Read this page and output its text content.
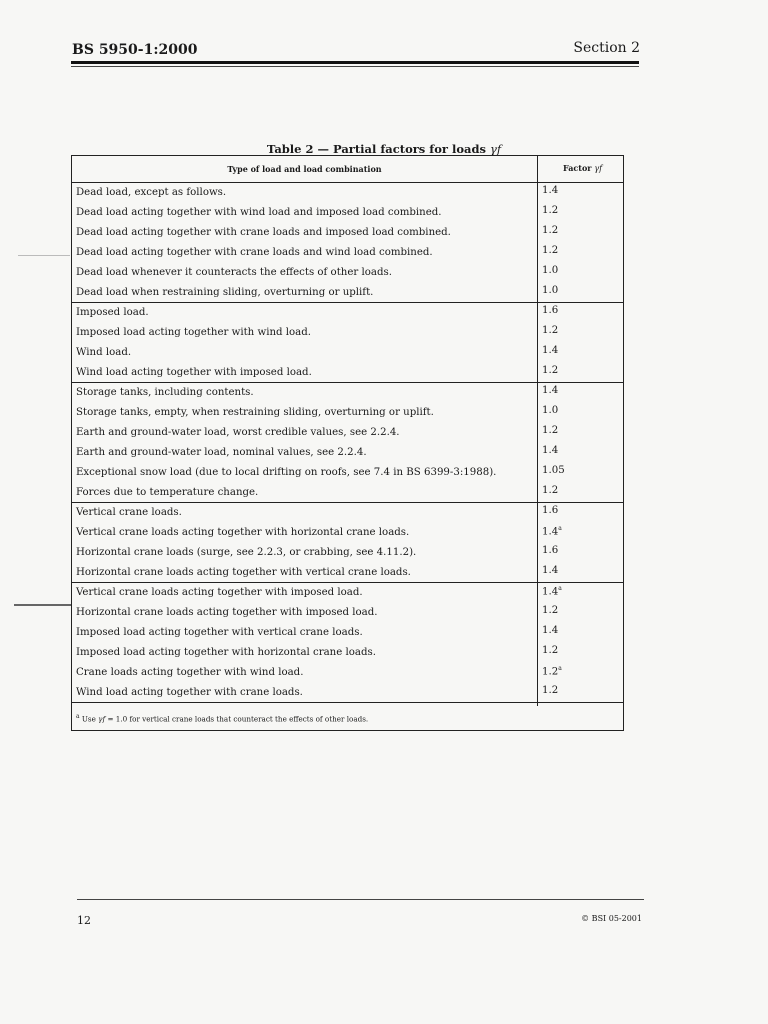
BS 5950-1:2000	Section 2
Table 2 — Partial factors for loads γf
Type of load and load combination	Factor γf
Dead load, except as follows.	1.4
Dead load acting together with wind load and imposed load combined.	1.2
Dead load acting together with crane loads and imposed load combined.	1.2
Dead load acting together with crane loads and wind load combined.	1.2
Dead load whenever it counteracts the effects of other loads.	1.0
Dead load when restraining sliding, overturning or uplift.	1.0
Imposed load.	1.6
Imposed load acting together with wind load.	1.2
Wind load.	1.4
Wind load acting together with imposed load.	1.2
Storage tanks, including contents.	1.4
Storage tanks, empty, when restraining sliding, overturning or uplift.	1.0
Earth and ground-water load, worst credible values, see 2.2.4.	1.2
Earth and ground-water load, nominal values, see 2.2.4.	1.4
Exceptional snow load (due to local drifting on roofs, see 7.4 in BS 6399-3:1988).	1.05
Forces due to temperature change.	1.2
Vertical crane loads.	1.6
Vertical crane loads acting together with horizontal crane loads.	1.4$^a$
Horizontal crane loads (surge, see 2.2.3, or crabbing, see 4.11.2).	1.6
Horizontal crane loads acting together with vertical crane loads.	1.4
Vertical crane loads acting together with imposed load.	1.4$^a$
Horizontal crane loads acting together with imposed load.	1.2
Imposed load acting together with vertical crane loads.	1.4
Imposed load acting together with horizontal crane loads.	1.2
Crane loads acting together with wind load.	1.2$^a$
Wind load acting together with crane loads.	1.2
$^a$ Use γf = 1.0 for vertical crane loads that counteract the effects of other loads.
12	© BSI 05-2001
